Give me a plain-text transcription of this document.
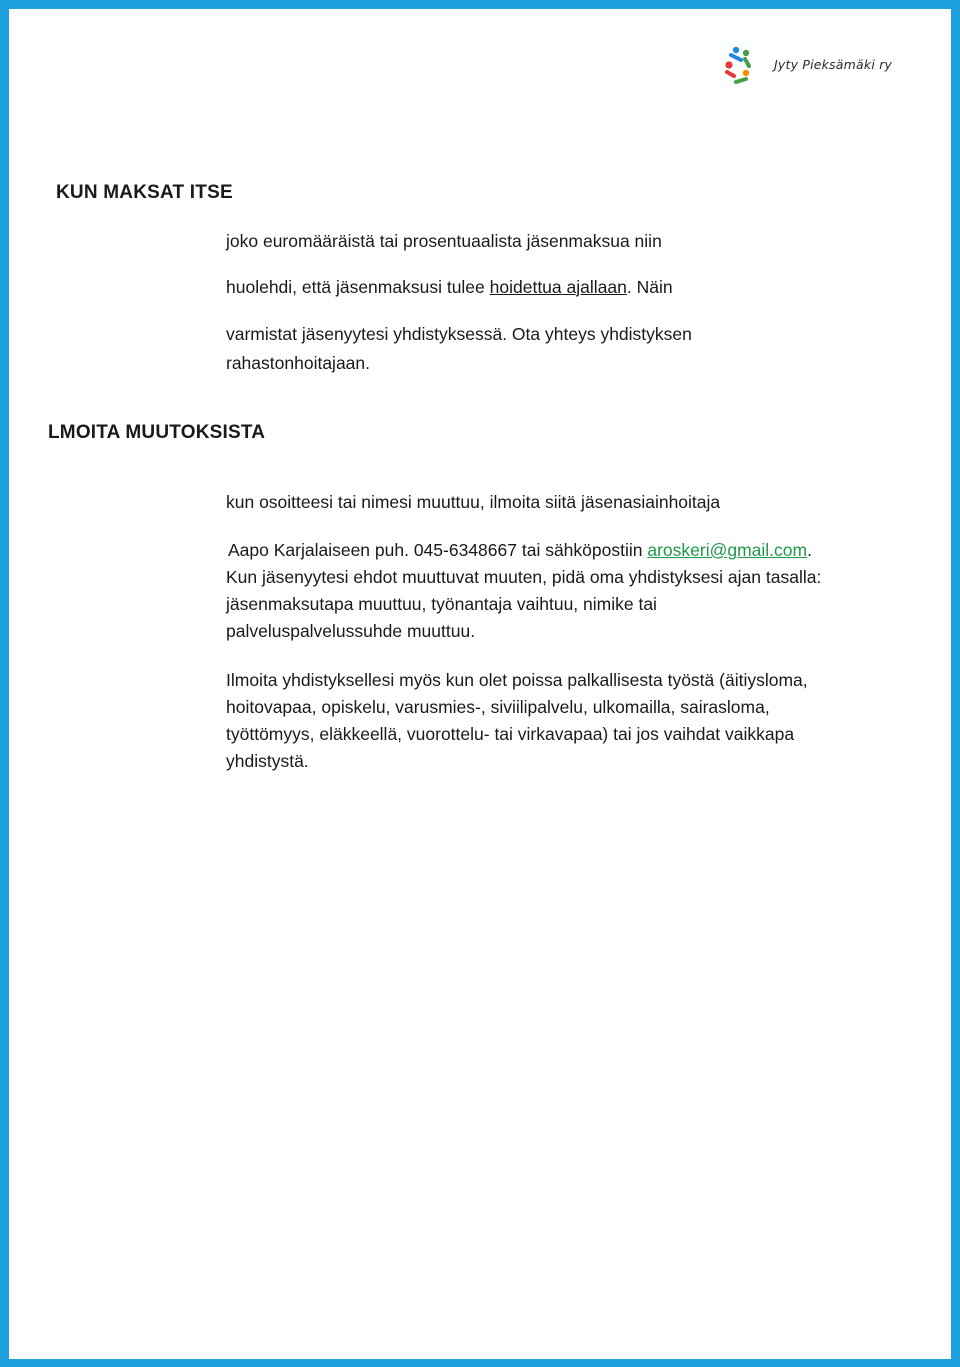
Jyty Pieksämäki ry
KUN MAKSAT ITSE

joko euromääräistä tai prosentuaalista jäsenmaksua niin

huolehdi, että jäsenmaksusi tulee hoidettua ajallaan. Näin

varmistat jäsenyytesi yhdistyksessä. Ota yhteys yhdistyksen

rahastonhoitajaan.

LMOITA MUUTOKSISTA

kun osoitteesi tai nimesi muuttuu, ilmoita siitä jäsenasiainhoitaja

Aapo Karjalaiseen puh. 045-6348667 tai sähköpostiin aroskeri@gmail.com.

Kun jäsenyytesi ehdot muuttuvat muuten, pidä oma yhdistyksesi ajan tasalla:

jäsenmaksutapa muuttuu, työnantaja vaihtuu, nimike tai

palveluspalvelussuhde muuttuu.

Ilmoita yhdistyksellesi myös kun olet poissa palkallisesta työstä (äitiysloma,

hoitovapaa, opiskelu, varusmies-, siviilipalvelu, ulkomailla, sairasloma,

työttömyys, eläkkeellä, vuorottelu- tai virkavapaa) tai jos vaihdat vaikkapa

yhdistystä.
